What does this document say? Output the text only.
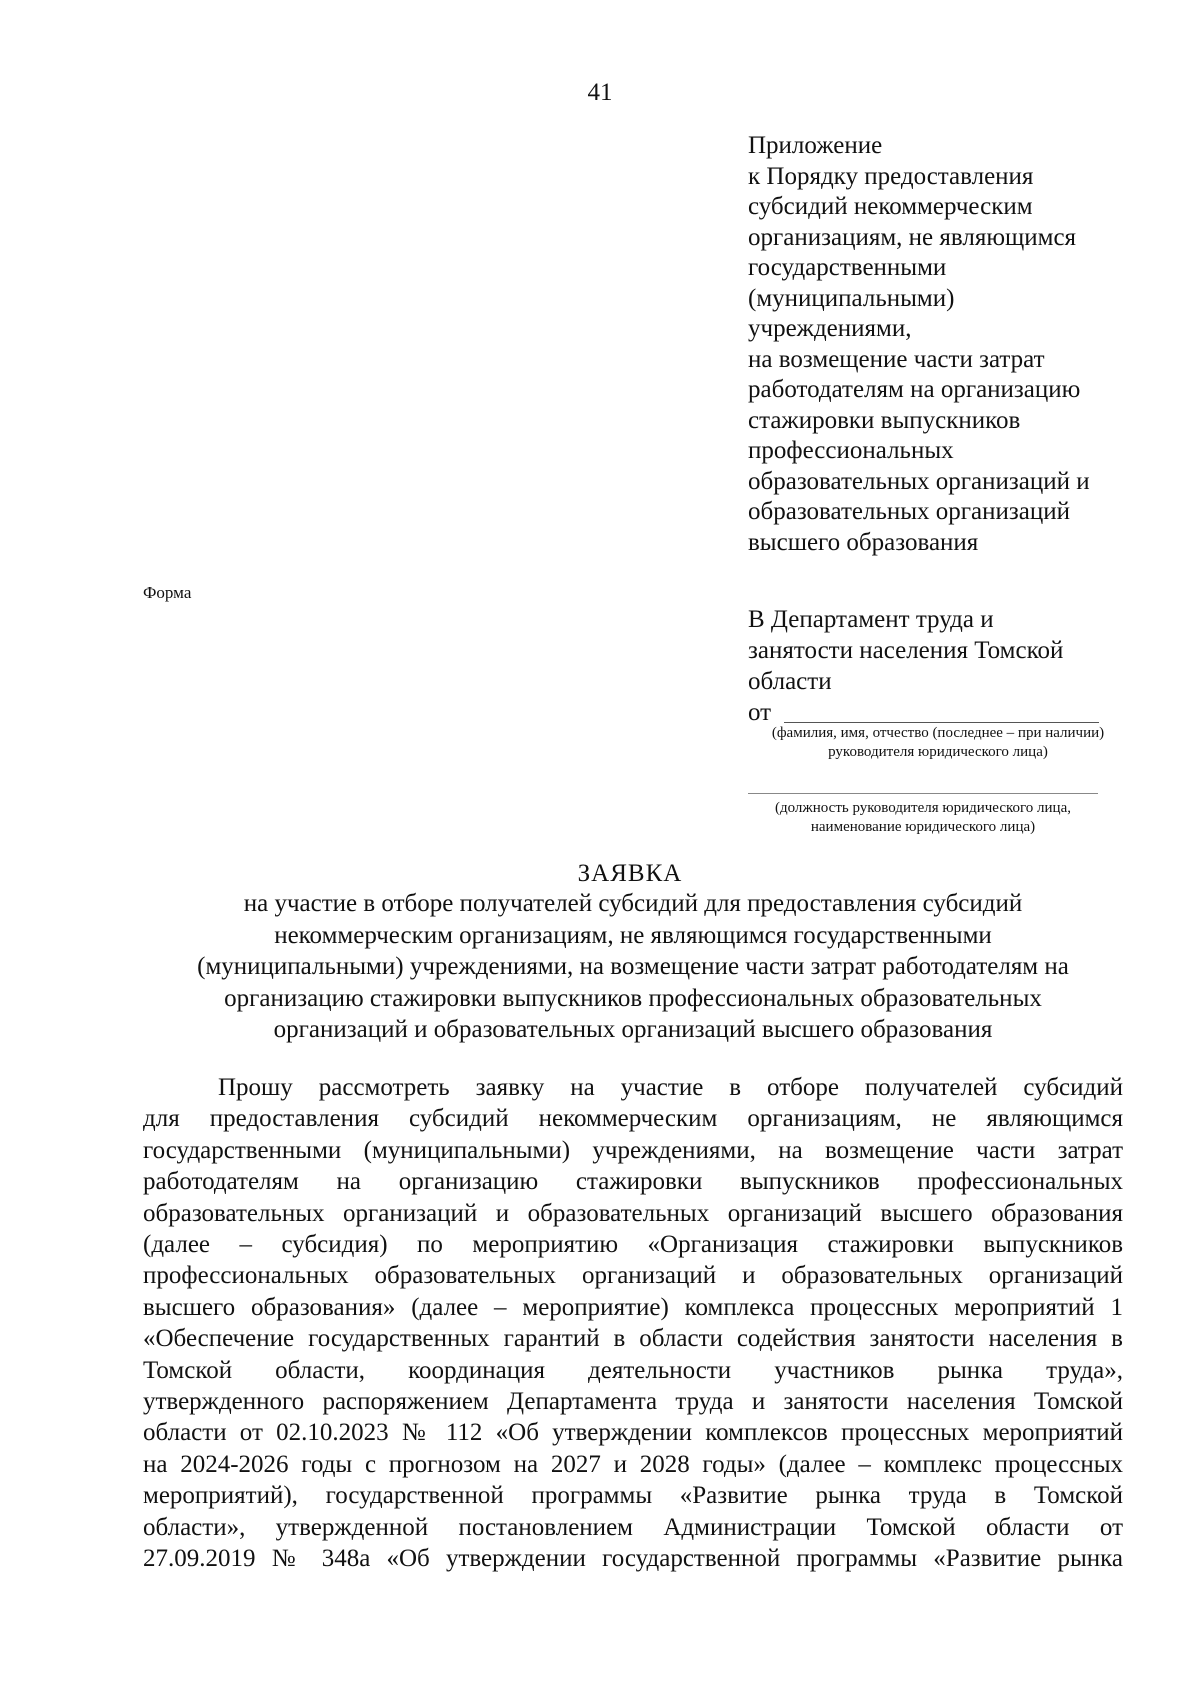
41
Приложение
к Порядку предоставления
субсидий некоммерческим
организациям, не являющимся
государственными
(муниципальными)
учреждениями,
на возмещение части затрат
работодателям на организацию
стажировки выпускников
профессиональных
образовательных организаций и
образовательных организаций
высшего образования
Форма
В Департамент труда и
занятости населения Томской
области
от
(фамилия, имя, отчество (последнее – при наличии)
руководителя юридического лица)
(должность руководителя юридического лица,
наименование юридического лица)
ЗАЯВКА
на участие в отборе получателей субсидий для предоставления субсидий
некоммерческим организациям, не являющимся государственными
(муниципальными) учреждениями, на возмещение части затрат работодателям на
организацию стажировки выпускников профессиональных образовательных
организаций и образовательных организаций высшего образования
Прошу рассмотреть заявку на участие в отборе получателей субсидий
для предоставления субсидий некоммерческим организациям, не являющимся
государственными (муниципальными) учреждениями, на возмещение части затрат
работодателям на организацию стажировки выпускников профессиональных
образовательных организаций и образовательных организаций высшего образования
(далее – субсидия) по мероприятию «Организация стажировки выпускников
профессиональных образовательных организаций и образовательных организаций
высшего образования» (далее – мероприятие) комплекса процессных мероприятий 1
«Обеспечение государственных гарантий в области содействия занятости населения в
Томской области, координация деятельности участников рынка труда»,
утвержденного распоряжением Департамента труда и занятости населения Томской
области от 02.10.2023 № 112 «Об утверждении комплексов процессных мероприятий
на 2024-2026 годы с прогнозом на 2027 и 2028 годы» (далее – комплекс процессных
мероприятий), государственной программы «Развитие рынка труда в Томской
области», утвержденной постановлением Администрации Томской области от
27.09.2019 № 348а «Об утверждении государственной программы «Развитие рынка
